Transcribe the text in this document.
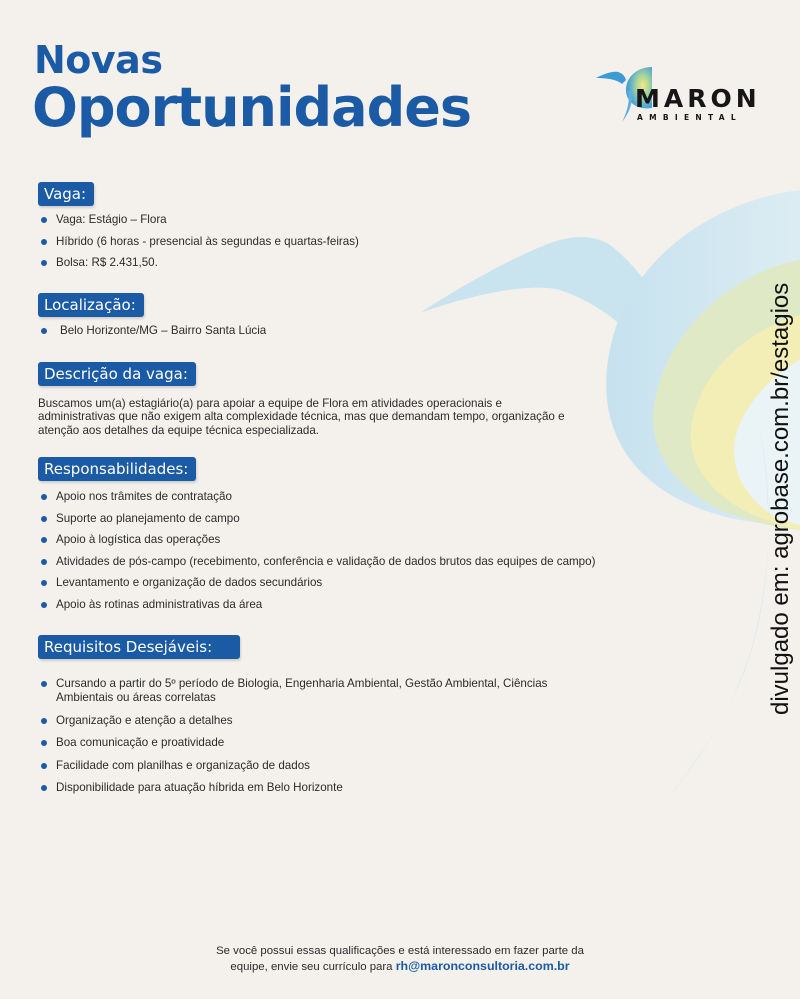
Novas
Oportunidades	MARON
AMBIENTAL
Vaga:
Vaga: Estágio – Flora
Híbrido (6 horas - presencial às segundas e quartas-feiras)
Bolsa: R$ 2.431,50.
Localização:
Belo Horizonte/MG – Bairro Santa Lúcia
Descrição da vaga:

Buscamos um(a) estagiário(a) para apoiar a equipe de Flora em atividades operacionais e administrativas que não exigem alta complexidade técnica, mas que demandam tempo, organização e atenção aos detalhes da equipe técnica especializada.

Responsabilidades:
Apoio nos trâmites de contratação
Suporte ao planejamento de campo
Apoio à logística das operações
Atividades de pós-campo (recebimento, conferência e validação de dados brutos das equipes de campo)
Levantamento e organização de dados secundários
Apoio às rotinas administrativas da área
Requisitos Desejáveis:
Cursando a partir do 5º período de Biologia, Engenharia Ambiental, Gestão Ambiental, Ciências Ambientais ou áreas correlatas
Organização e atenção a detalhes
Boa comunicação e proatividade
Facilidade com planilhas e organização de dados
Disponibilidade para atuação híbrida em Belo Horizonte
Se você possui essas qualificações e está interessado em fazer parte da
equipe, envie seu currículo para rh@maronconsultoria.com.br
divulgado em: agrobase.com.br/estagios
